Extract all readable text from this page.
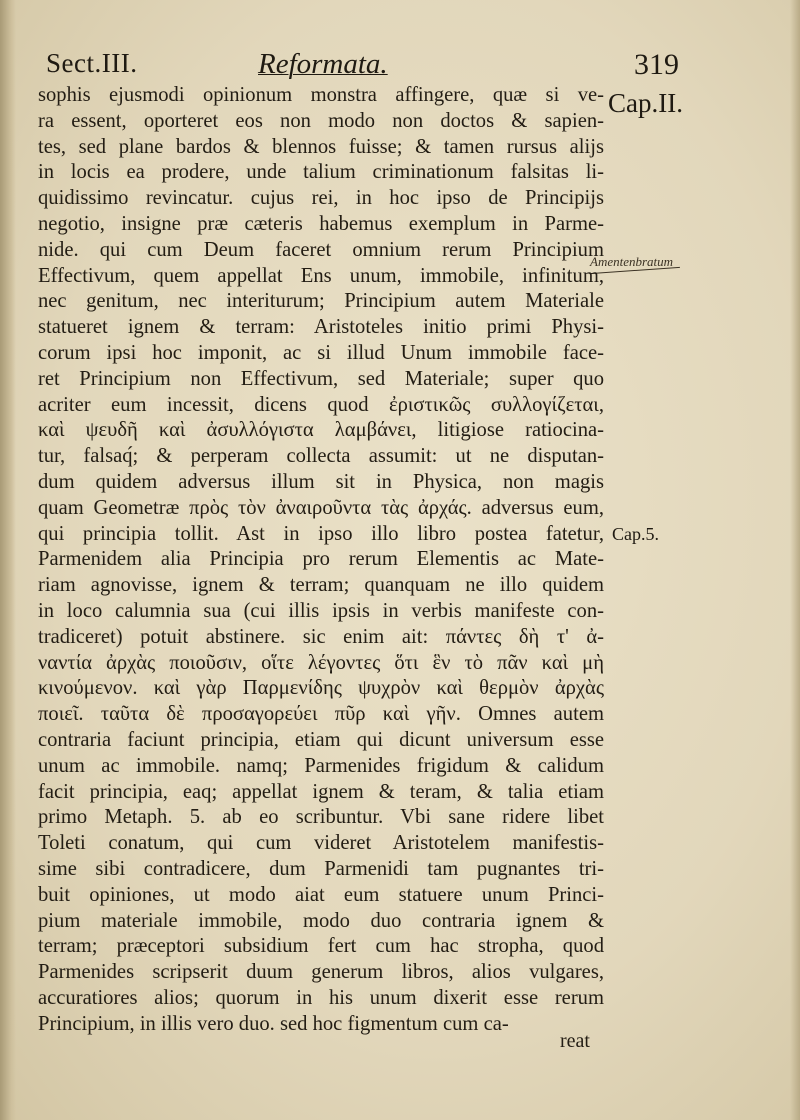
Sect.III.	Reformata.	319
Cap.II.
Cap.5.
Amentenbratum
sophis ejusmodi opinionum monstra affingere, quæ si ve-
ra essent, oporteret eos non modo non doctos & sapien-
tes, sed plane bardos & blennos fuisse; & tamen rursus alijs
in locis ea prodere, unde talium criminationum falsitas li-
quidissimo revincatur. cujus rei, in hoc ipso de Principijs
negotio, insigne præ cæteris habemus exemplum in Parme-
nide. qui cum Deum faceret omnium rerum Principium
Effectivum, quem appellat Ens unum, immobile, infinitum,
nec genitum, nec interiturum; Principium autem Materiale
statueret ignem & terram: Aristoteles initio primi Physi-
corum ipsi hoc imponit, ac si illud Unum immobile face-
ret Principium non Effectivum, sed Materiale; super quo
acriter eum incessit, dicens quod ἐριστικῶς συλλογίζεται,
καὶ ψευδῆ καὶ ἀσυλλόγιστα λαμβάνει, litigiose ratiocina-
tur, falsaq́; & perperam collecta assumit: ut ne disputan-
dum quidem adversus illum sit in Physica, non magis
quam Geometræ πρὸς τὸν ἀναιροῦντα τὰς ἀρχάς. adversus eum,
qui principia tollit. Ast in ipso illo libro postea fatetur,
Parmenidem alia Principia pro rerum Elementis ac Mate-
riam agnovisse, ignem & terram; quanquam ne illo quidem
in loco calumnia sua (cui illis ipsis in verbis manifeste con-
tradiceret) potuit abstinere. sic enim ait: πάντες δὴ τ' ἀ-
ναντία ἀρχὰς ποιοῦσιν, οἵτε λέγοντες ὅτι ἓν τὸ πᾶν καὶ μὴ
κινούμενον. καὶ γὰρ Παρμενίδης ψυχρὸν καὶ θερμὸν ἀρχὰς
ποιεῖ. ταῦτα δὲ προσαγορεύει πῦρ καὶ γῆν. Omnes autem
contraria faciunt principia, etiam qui dicunt universum esse
unum ac immobile. namq; Parmenides frigidum & calidum
facit principia, eaq; appellat ignem & teram, & talia etiam
primo Metaph. 5. ab eo scribuntur. Vbi sane ridere libet
Toleti conatum, qui cum videret Aristotelem manifestis-
sime sibi contradicere, dum Parmenidi tam pugnantes tri-
buit opiniones, ut modo aiat eum statuere unum Princi-
pium materiale immobile, modo duo contraria ignem &
terram; præceptori subsidium fert cum hac stropha, quod
Parmenides scripserit duum generum libros, alios vulgares,
accuratiores alios; quorum in his unum dixerit esse rerum
Principium, in illis vero duo. sed hoc figmentum cum ca-
reat
